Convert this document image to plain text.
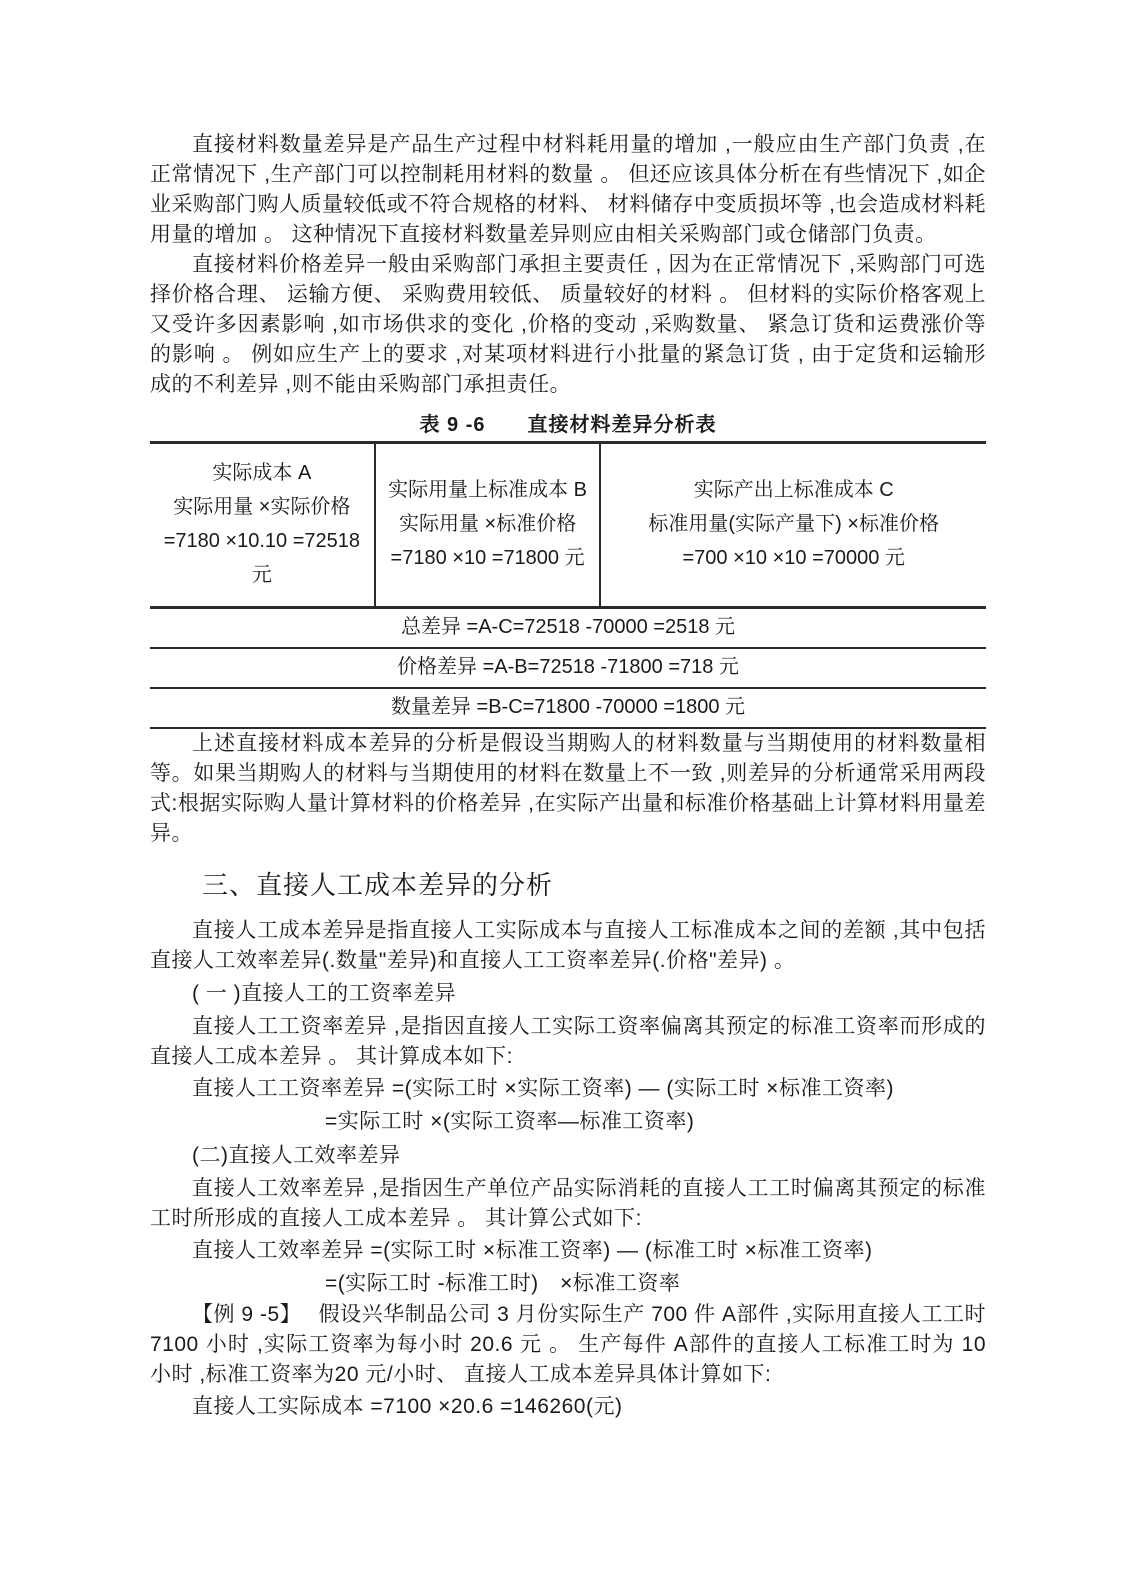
直接材料数量差异是产品生产过程中材料耗用量的增加 ,一般应由生产部门负责 ,在正常情况下 ,生产部门可以控制耗用材料的数量 。 但还应该具体分析在有些情况下 ,如企业采购部门购人质量较低或不符合规格的材料、 材料储存中变质损坏等 ,也会造成材料耗用量的增加 。 这种情况下直接材料数量差异则应由相关采购部门或仓储部门负责。

直接材料价格差异一般由采购部门承担主要责任 , 因为在正常情况下 ,采购部门可选择价格合理、 运输方便、 采购费用较低、 质量较好的材料 。 但材料的实际价格客观上又受许多因素影响 ,如市场供求的变化 ,价格的变动 ,采购数量、 紧急订货和运费涨价等的影响 。 例如应生产上的要求 ,对某项材料进行小批量的紧急订货 , 由于定货和运输形成的不利差异 ,则不能由采购部门承担责任。

表 9 -6　　直接材料差异分析表
实际成本 A
实际用量 ×实际价格
=7180 ×10.10 =72518 元
实际用量上标准成本 B
实际用量 ×标准价格
=7180 ×10 =71800 元
实际产出上标准成本 C
标准用量(实际产量下) ×标准价格
=700 ×10 ×10 =70000 元
总差异 =A-C=72518 -70000 =2518 元
价格差异 =A-B=72518 -71800 =718 元
数量差异 =B-C=71800 -70000 =1800 元

上述直接材料成本差异的分析是假设当期购人的材料数量与当期使用的材料数量相等。如果当期购人的材料与当期使用的材料在数量上不一致 ,则差异的分析通常采用两段式:根据实际购人量计算材料的价格差异 ,在实际产出量和标准价格基础上计算材料用量差异。

三、直接人工成本差异的分析

直接人工成本差异是指直接人工实际成本与直接人工标准成本之间的差额 ,其中包括直接人工效率差异(.数量"差异)和直接人工工资率差异(.价格"差异) 。

( 一 )直接人工的工资率差异

直接人工工资率差异 ,是指因直接人工实际工资率偏离其预定的标准工资率而形成的直接人工成本差异 。 其计算成本如下:

直接人工工资率差异 =(实际工时 ×实际工资率) — (实际工时 ×标准工资率)

=实际工时 ×(实际工资率—标准工资率)

(二)直接人工效率差异

直接人工效率差异 ,是指因生产单位产品实际消耗的直接人工工时偏离其预定的标准工时所形成的直接人工成本差异 。 其计算公式如下:

直接人工效率差异 =(实际工时 ×标准工资率) — (标准工时 ×标准工资率)

=(实际工时 -标准工时)　×标准工资率

【例 9 -5】　 假设兴华制品公司 3 月份实际生产 700 件 A部件 ,实际用直接人工工时 7100 小时 ,实际工资率为每小时 20.6 元 。 生产每件 A部件的直接人工标准工时为 10 小时 ,标准工资率为20 元/小时、 直接人工成本差异具体计算如下:

直接人工实际成本 =7100 ×20.6 =146260(元)
